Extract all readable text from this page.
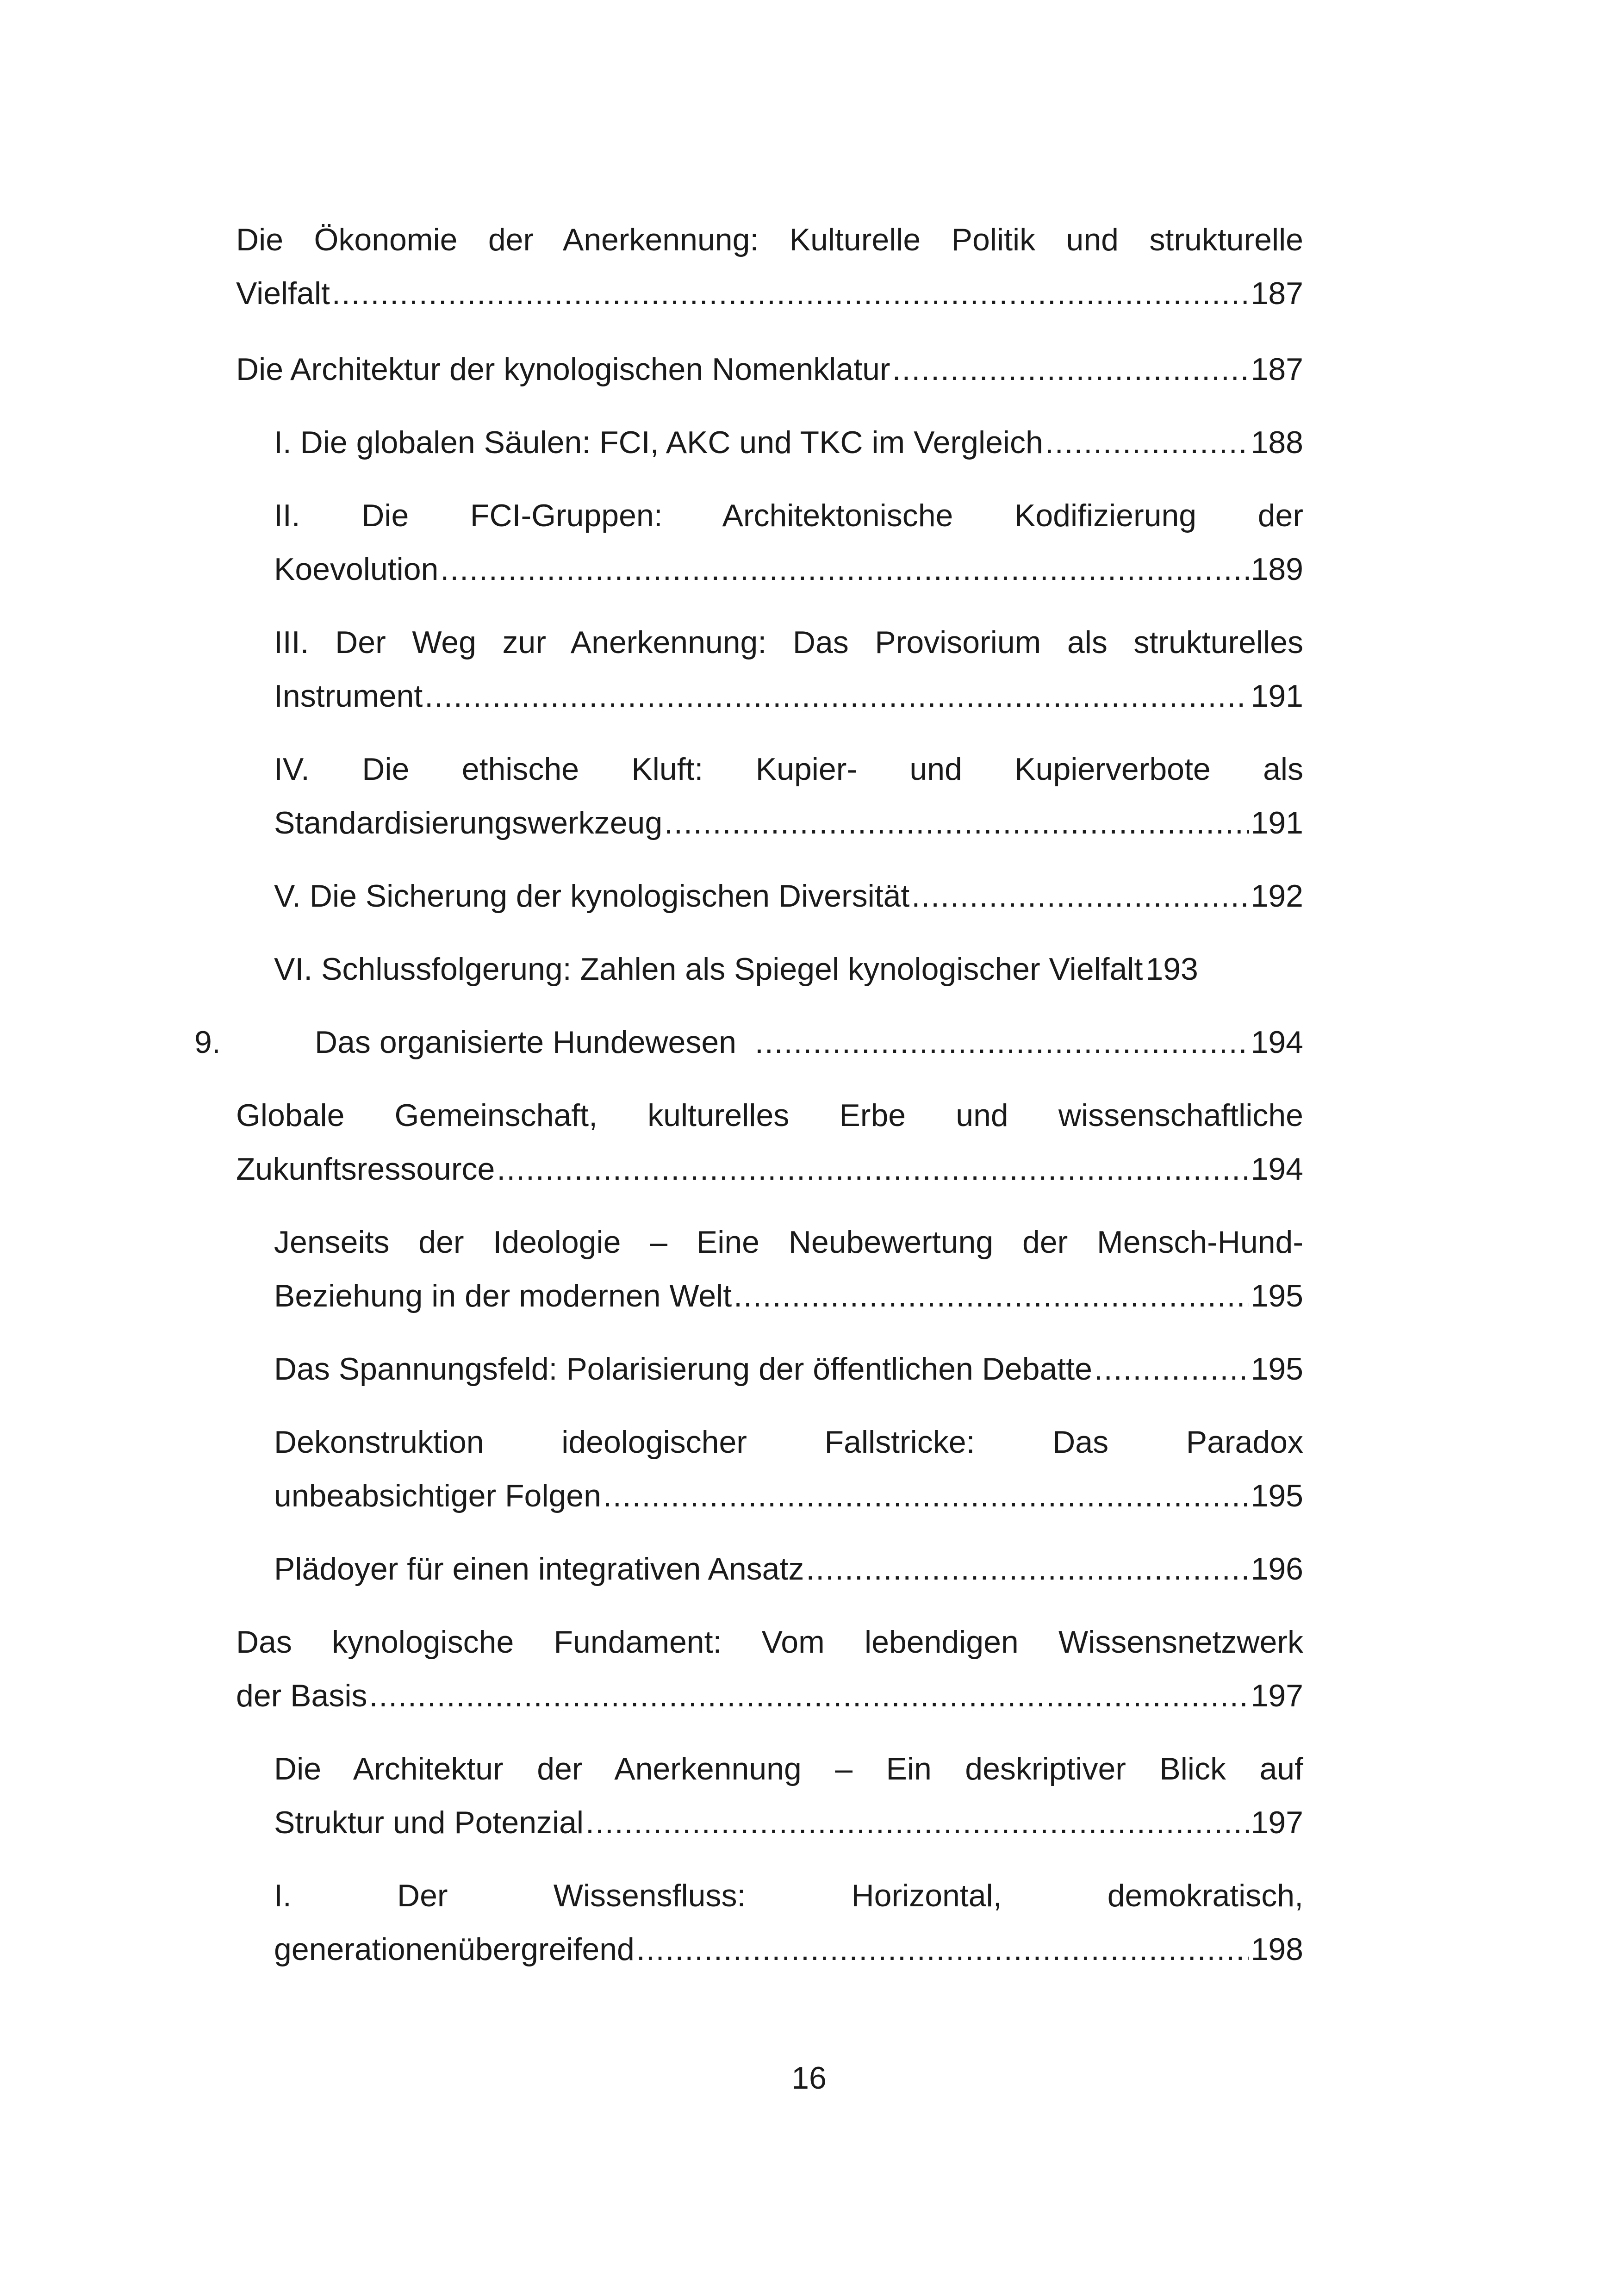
Die Ökonomie der Anerkennung: Kulturelle Politik und strukturelle
Vielfalt .....	187
Die Architektur der kynologischen Nomenklatur .....	187
I. Die globalen Säulen: FCI, AKC und TKC im Vergleich .....	188
II. Die FCI-Gruppen: Architektonische Kodifizierung der
Koevolution .....	189
III. Der Weg zur Anerkennung: Das Provisorium als strukturelles
Instrument .....	191
IV. Die ethische Kluft: Kupier- und Kupierverbote als
Standardisierungswerkzeug .....	191
V. Die Sicherung der kynologischen Diversität .....	192
VI. Schlussfolgerung: Zahlen als Spiegel kynologischer Vielfalt 193
9.	Das organisierte Hundewesen .....	194
Globale Gemeinschaft, kulturelles Erbe und wissenschaftliche
Zukunftsressource .....	194
Jenseits der Ideologie – Eine Neubewertung der Mensch-Hund-
Beziehung in der modernen Welt .....	195
Das Spannungsfeld: Polarisierung der öffentlichen Debatte .....	195
Dekonstruktion ideologischer Fallstricke: Das Paradox
unbeabsichtiger Folgen .....	195
Plädoyer für einen integrativen Ansatz .....	196
Das kynologische Fundament: Vom lebendigen Wissensnetzwerk
der Basis .....	197
Die Architektur der Anerkennung – Ein deskriptiver Blick auf
Struktur und Potenzial .....	197
I. Der Wissensfluss: Horizontal, demokratisch,
generationenübergreifend .....	198
16
